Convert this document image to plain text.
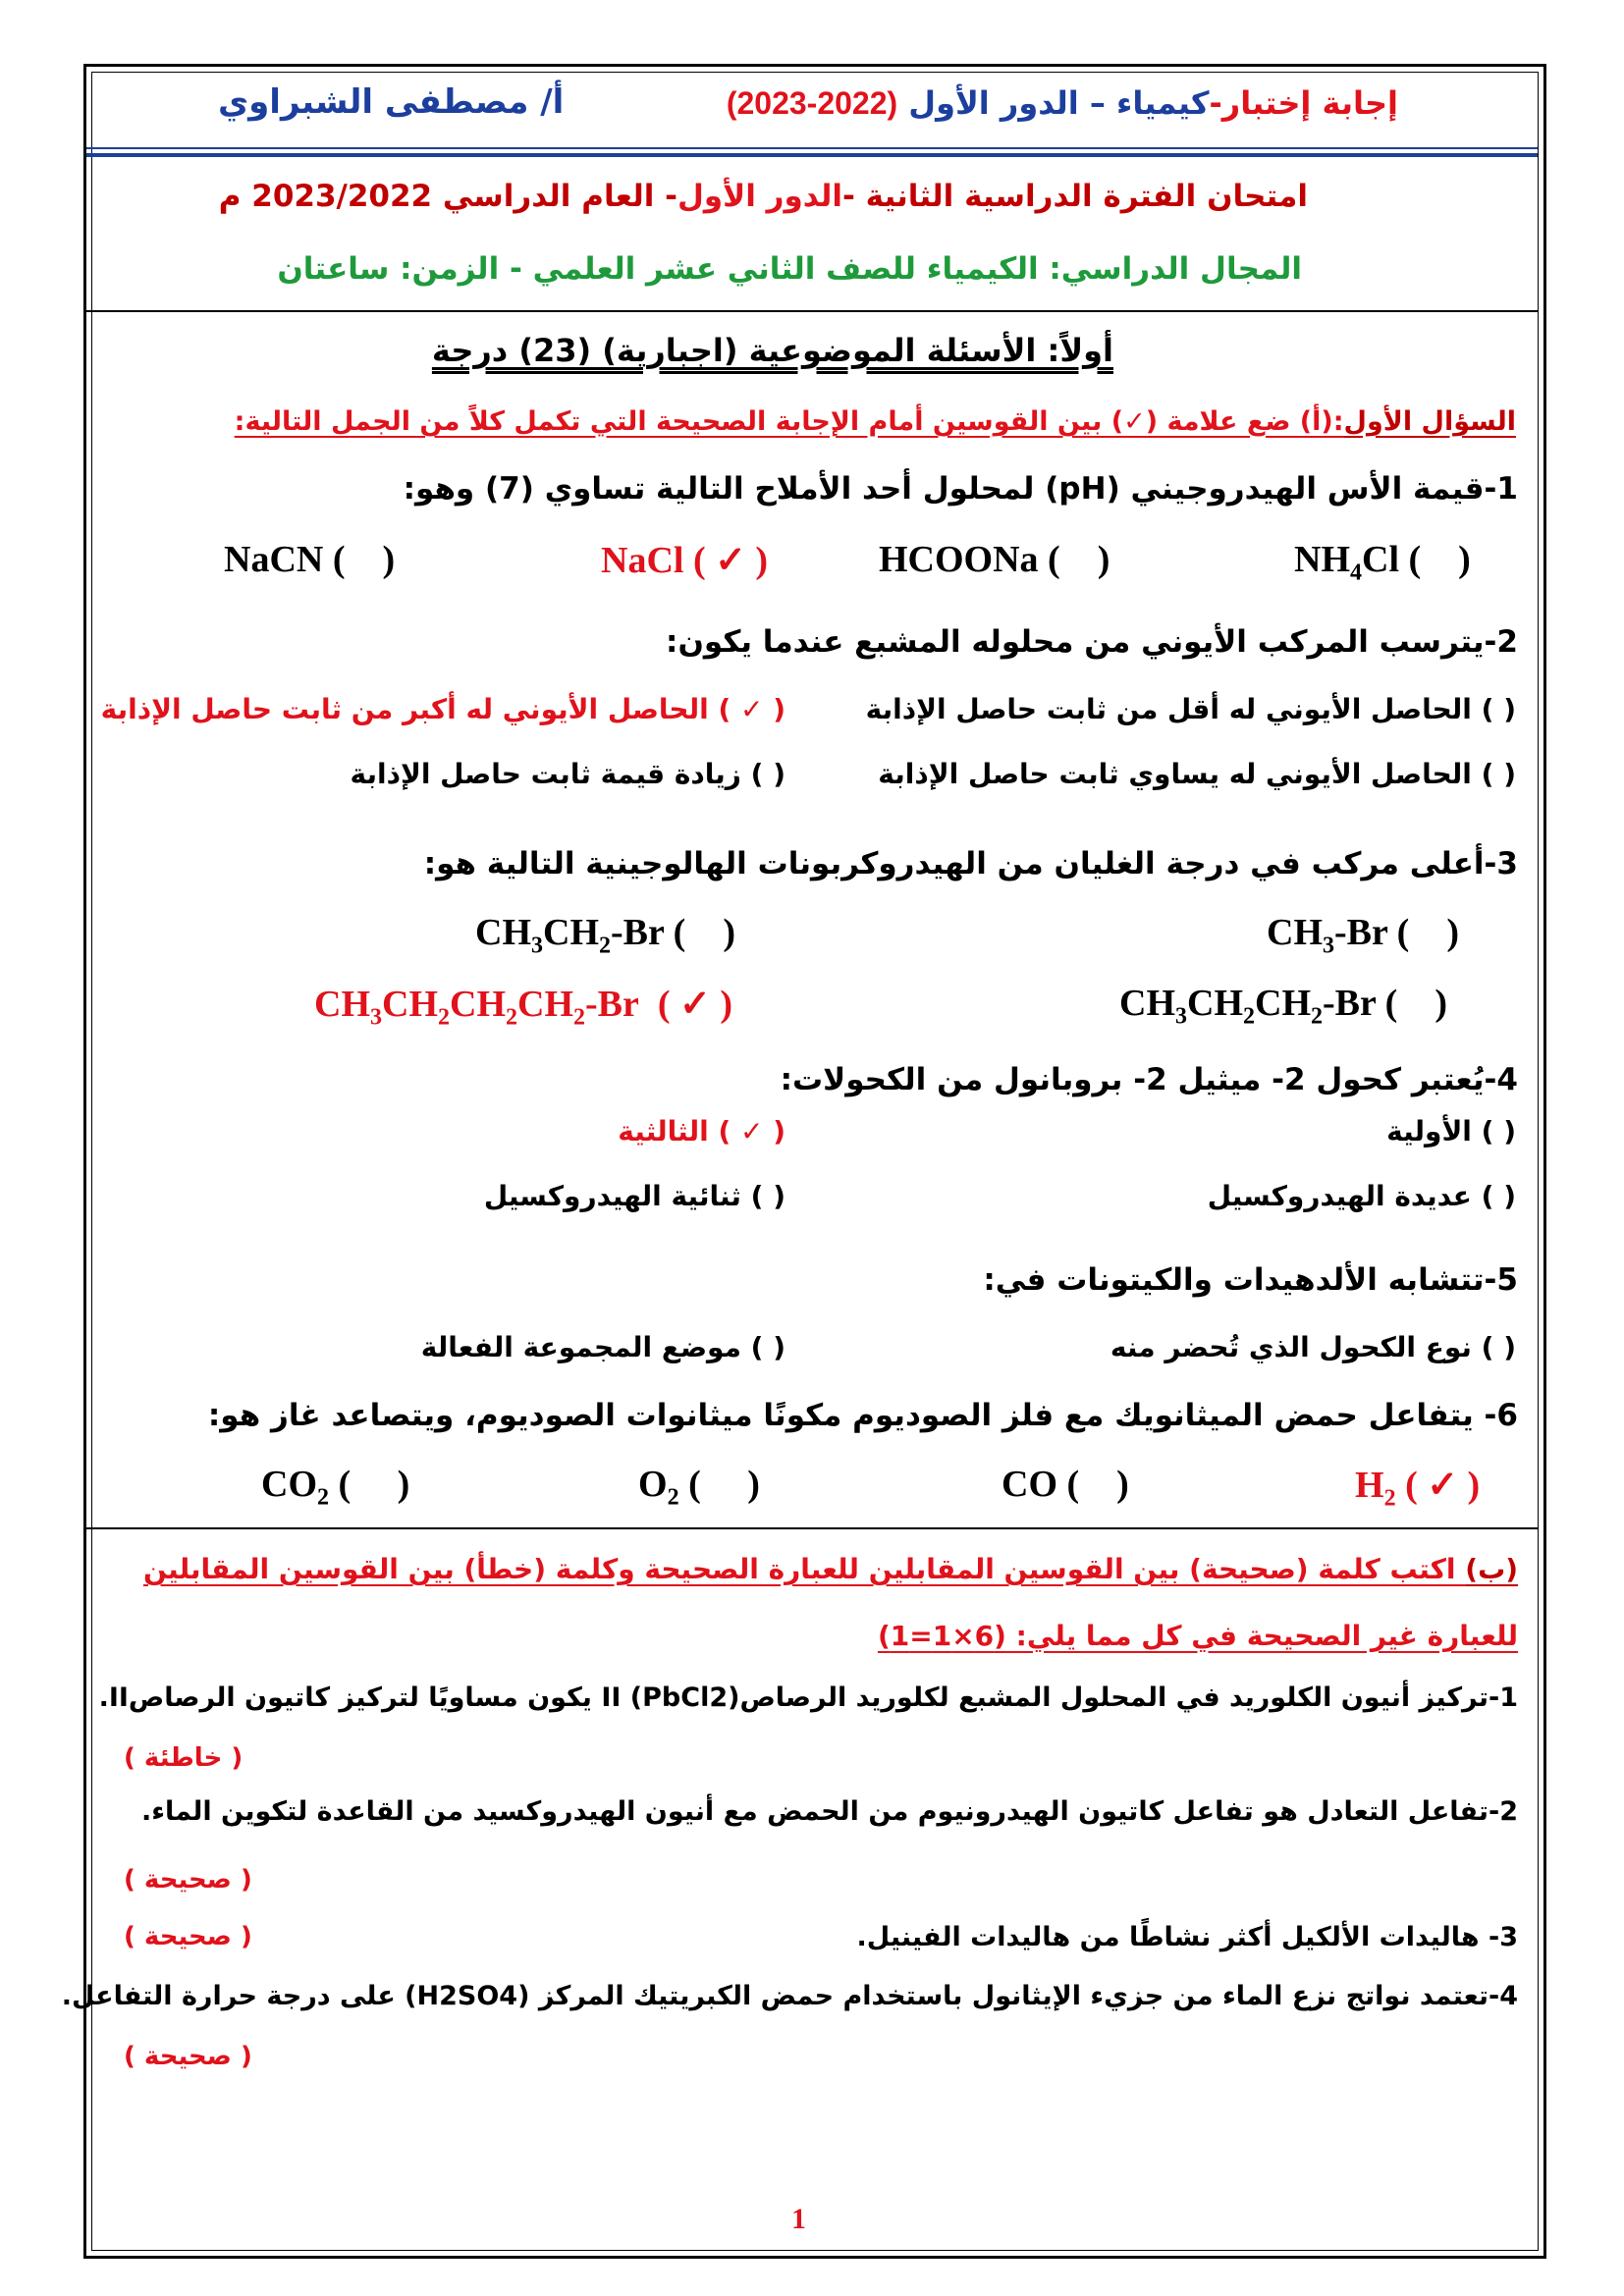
إجابة إختبار-كيمياء – الدور الأول (2022-2023)
أ/ مصطفى الشبراوي
امتحان الفترة الدراسية الثانية -الدور الأول- العام الدراسي 2023/2022 م
المجال الدراسي: الكيمياء للصف الثاني عشر العلمي - الزمن: ساعتان
أولاً: الأسئلة الموضوعية (اجبارية) (23) درجة
السؤال الأول:(أ) ضع علامة (✓) بين القوسين أمام الإجابة الصحيحة التي تكمل كلاً من الجمل التالية:
1-قيمة الأس الهيدروجيني (pH) لمحلول أحد الأملاح التالية تساوي (7) وهو:
$NH_4Cl$ (    )
HCOONa (    )
NaCl ( ✓ )
NaCN (    )
2-يترسب المركب الأيوني من محلوله المشبع عندما يكون:
( ) الحاصل الأيوني له أقل من ثابت حاصل الإذابة
( ✓ ) الحاصل الأيوني له أكبر من ثابت حاصل الإذابة
( ) الحاصل الأيوني له يساوي ثابت حاصل الإذابة
( ) زيادة قيمة ثابت حاصل الإذابة
3-أعلى مركب في درجة الغليان من الهيدروكربونات الهالوجينية التالية هو:
$CH_3-Br$ (    )
$CH_3CH_2-Br$ (    )
$CH_3CH_2CH_2-Br$ (    )
$CH_3CH_2CH_2CH_2-Br$  ( ✓ )
4-يُعتبر كحول 2- ميثيل 2- بروبانول من الكحولات:
( ) الأولية
( ✓ ) الثالثية
( ) عديدة الهيدروكسيل
( ) ثنائية الهيدروكسيل
5-تتشابه الألدهيدات والكيتونات في:
( ) نوع الكحول الذي تُحضر منه
( ) موضع المجموعة الفعالة
6- يتفاعل حمض الميثانويك مع فلز الصوديوم مكونًا ميثانوات الصوديوم، ويتصاعد غاز هو:
$H_2$ ( ✓ )
CO (    )
$O_2$ (     )
$CO_2$ (     )
(ب) اكتب كلمة (صحيحة) بين القوسين المقابلين للعبارة الصحيحة وكلمة (خطأ) بين القوسين المقابلين
للعبارة غير الصحيحة في كل مما يلي: (6×1=1)
1-تركيز أنيون الكلوريد في المحلول المشبع لكلوريد الرصاصII (PbCl2) يكون مساويًا لتركيز كاتيون الرصاصII.
( خاطئة )
2-تفاعل التعادل هو تفاعل كاتيون الهيدرونيوم من الحمض مع أنيون الهيدروكسيد من القاعدة لتكوين الماء.
( صحيحة )
3- هاليدات الألكيل أكثر نشاطًا من هاليدات الفينيل.
( صحيحة )
4-تعتمد نواتج نزع الماء من جزيء الإيثانول باستخدام حمض الكبريتيك المركز (H2SO4) على درجة حرارة التفاعل.
( صحيحة )
1
